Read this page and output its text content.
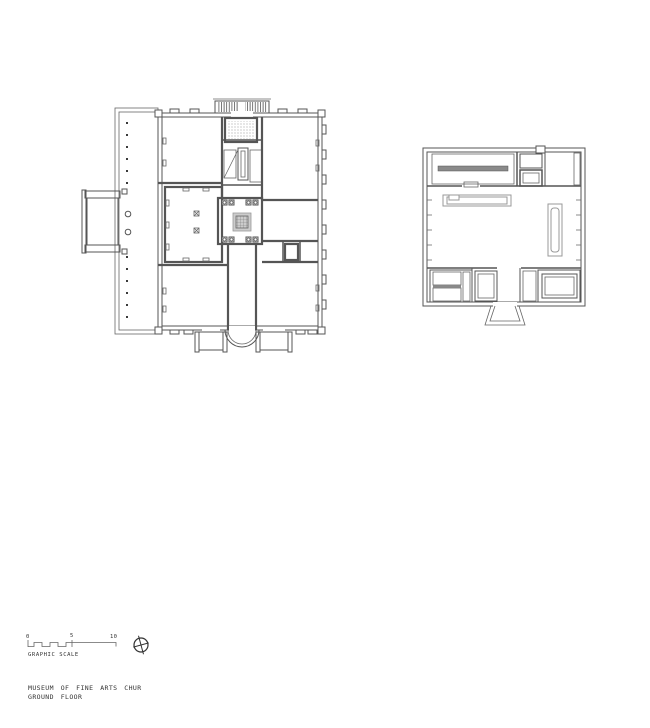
0	5	10
GRAPHIC SCALE
MUSEUM OF FINE ARTS CHUR
GROUND FLOOR
